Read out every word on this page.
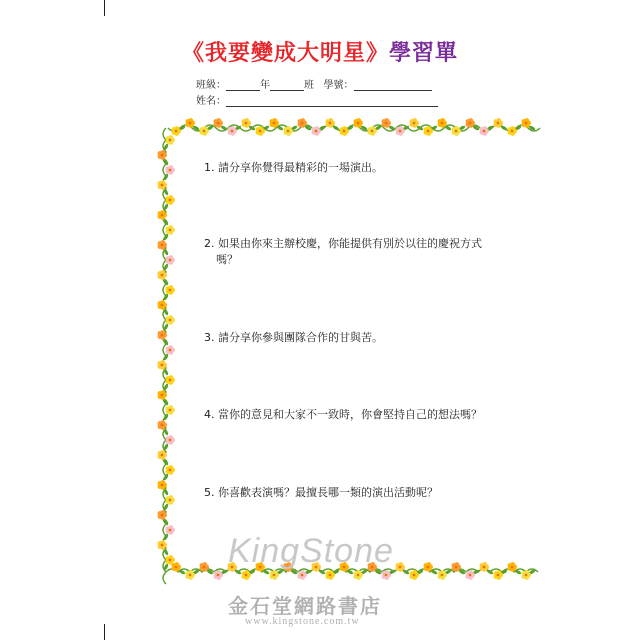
《我要變成大明星》學習單
班級：	年	班 學號：
姓名：
1. 請分享你覺得最精彩的一場演出。
2. 如果由你來主辦校慶，你能提供有別於以往的慶祝方式
嗎？
3. 請分享你參與團隊合作的甘與苦。
4. 當你的意見和大家不一致時，你會堅持自己的想法嗎？
5. 你喜歡表演嗎？最擅長哪一類的演出活動呢？
KingStone
金石堂網路書店
www.kingstone.com.tw
